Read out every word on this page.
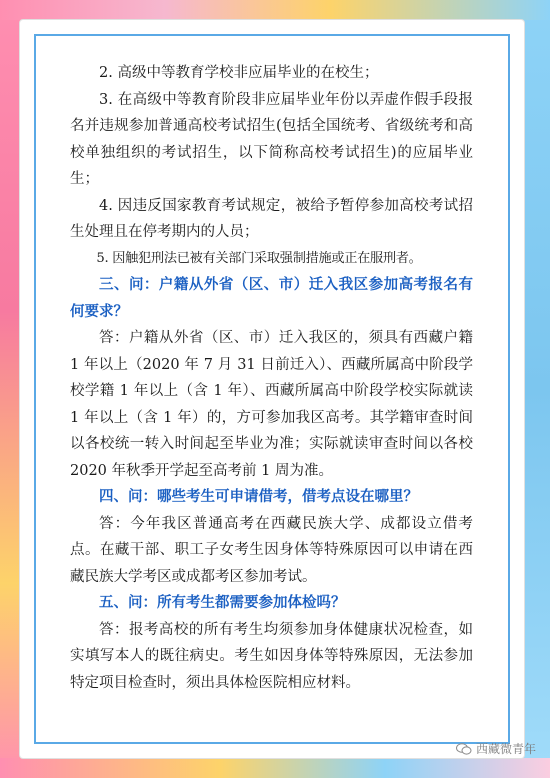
2. 高级中等教育学校非应届毕业的在校生；

3. 在高级中等教育阶段非应届毕业年份以弄虚作假手段报名并违规参加普通高校考试招生(包括全国统考、省级统考和高校单独组织的考试招生，以下简称高校考试招生)的应届毕业生；

4. 因违反国家教育考试规定，被给予暂停参加高校考试招生处理且在停考期内的人员；

5. 因触犯刑法已被有关部门采取强制措施或正在服刑者。

三、问：户籍从外省（区、市）迁入我区参加高考报名有何要求？

答：户籍从外省（区、市）迁入我区的，须具有西藏户籍 1 年以上（2020 年 7 月 31 日前迁入）、西藏所属高中阶段学校学籍 1 年以上（含 1 年）、西藏所属高中阶段学校实际就读 1 年以上（含 1 年）的，方可参加我区高考。其学籍审查时间以各校统一转入时间起至毕业为准；实际就读审查时间以各校 2020 年秋季开学起至高考前 1 周为准。

四、问：哪些考生可申请借考，借考点设在哪里？

答：今年我区普通高考在西藏民族大学、成都设立借考点。在藏干部、职工子女考生因身体等特殊原因可以申请在西藏民族大学考区或成都考区参加考试。

五、问：所有考生都需要参加体检吗？

答：报考高校的所有考生均须参加身体健康状况检查，如实填写本人的既往病史。考生如因身体等特殊原因，无法参加特定项目检查时，须出具体检医院相应材料。

西藏微青年
